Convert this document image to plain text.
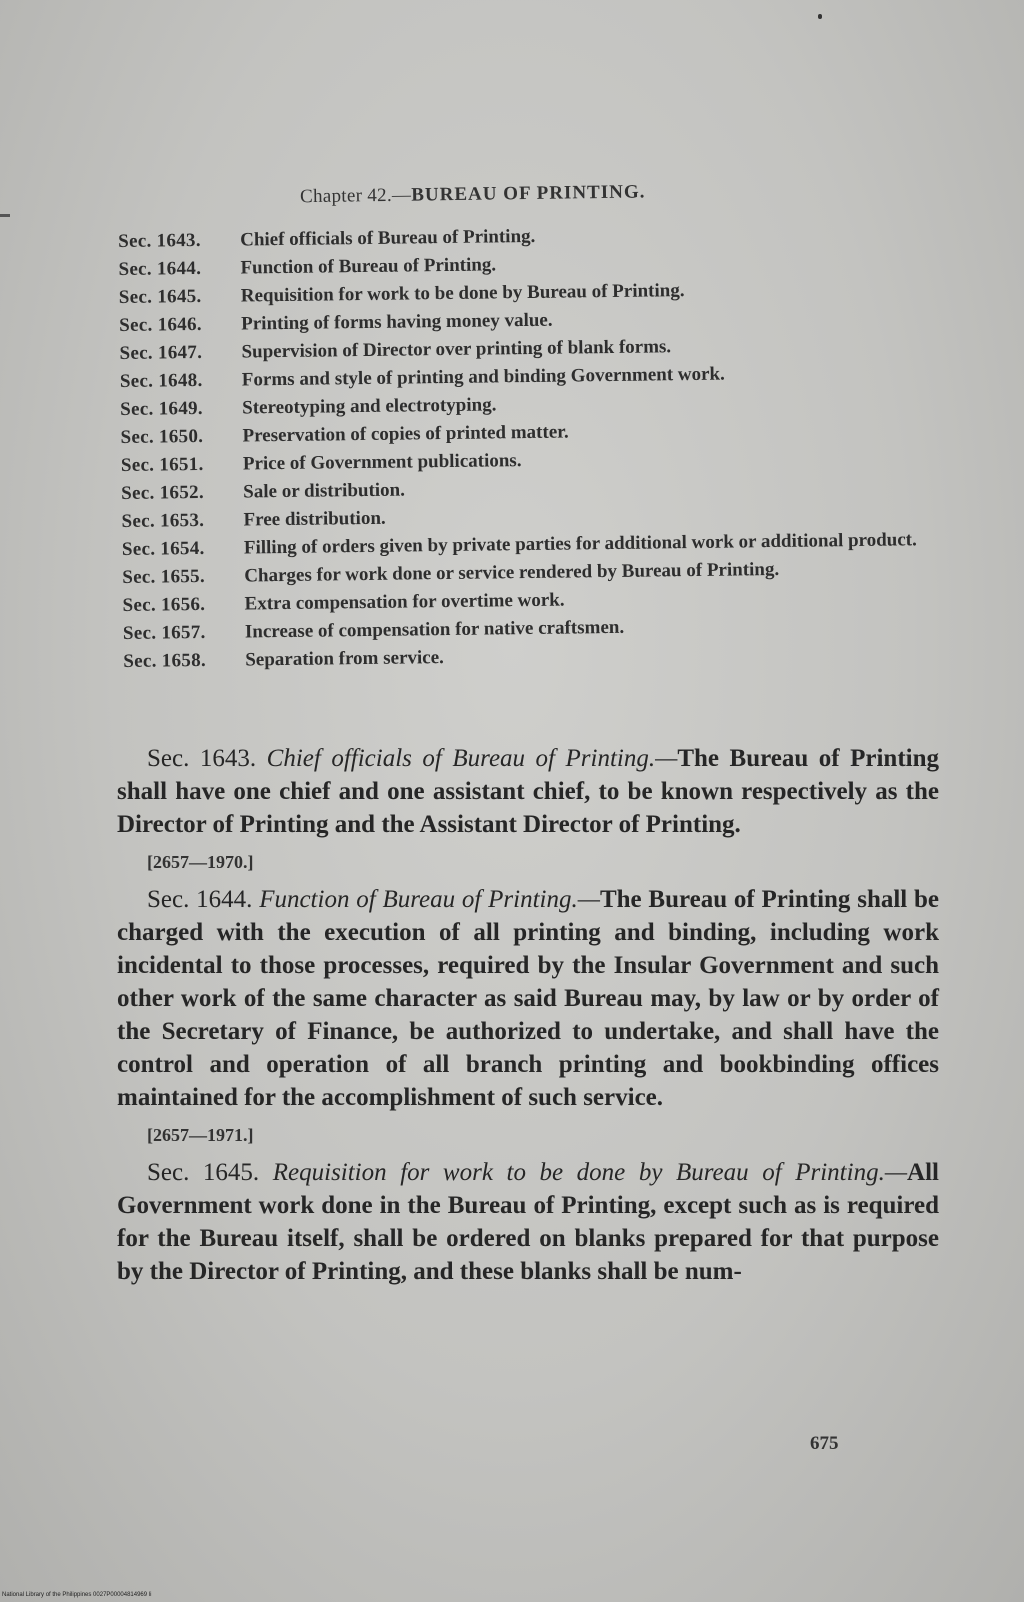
Chapter 42.—BUREAU OF PRINTING.
Sec. 1643.	Chief officials of Bureau of Printing.
Sec. 1644.	Function of Bureau of Printing.
Sec. 1645.	Requisition for work to be done by Bureau of Printing.
Sec. 1646.	Printing of forms having money value.
Sec. 1647.	Supervision of Director over printing of blank forms.
Sec. 1648.	Forms and style of printing and binding Government work.
Sec. 1649.	Stereotyping and electrotyping.
Sec. 1650.	Preservation of copies of printed matter.
Sec. 1651.	Price of Government publications.
Sec. 1652.	Sale or distribution.
Sec. 1653.	Free distribution.
Sec. 1654.	Filling of orders given by private parties for additional work or additional product.
Sec. 1655.	Charges for work done or service rendered by Bureau of Printing.
Sec. 1656.	Extra compensation for overtime work.
Sec. 1657.	Increase of compensation for native craftsmen.
Sec. 1658.	Separation from service.

Sec. 1643. Chief officials of Bureau of Printing.—The Bureau of Printing shall have one chief and one assistant chief, to be known respectively as the Director of Printing and the Assistant Director of Printing.

[2657—1970.]

Sec. 1644. Function of Bureau of Printing.—The Bureau of Printing shall be charged with the execution of all printing and binding, including work incidental to those processes, required by the Insular Government and such other work of the same character as said Bureau may, by law or by order of the Secretary of Finance, be authorized to undertake, and shall have the control and operation of all branch printing and bookbinding offices maintained for the accomplishment of such service.

[2657—1971.]

Sec. 1645. Requisition for work to be done by Bureau of Printing.—All Government work done in the Bureau of Printing, except such as is required for the Bureau itself, shall be ordered on blanks prepared for that purpose by the Director of Printing, and these blanks shall be num-

675
National Library of the Philippines 0027P00004814969 li
